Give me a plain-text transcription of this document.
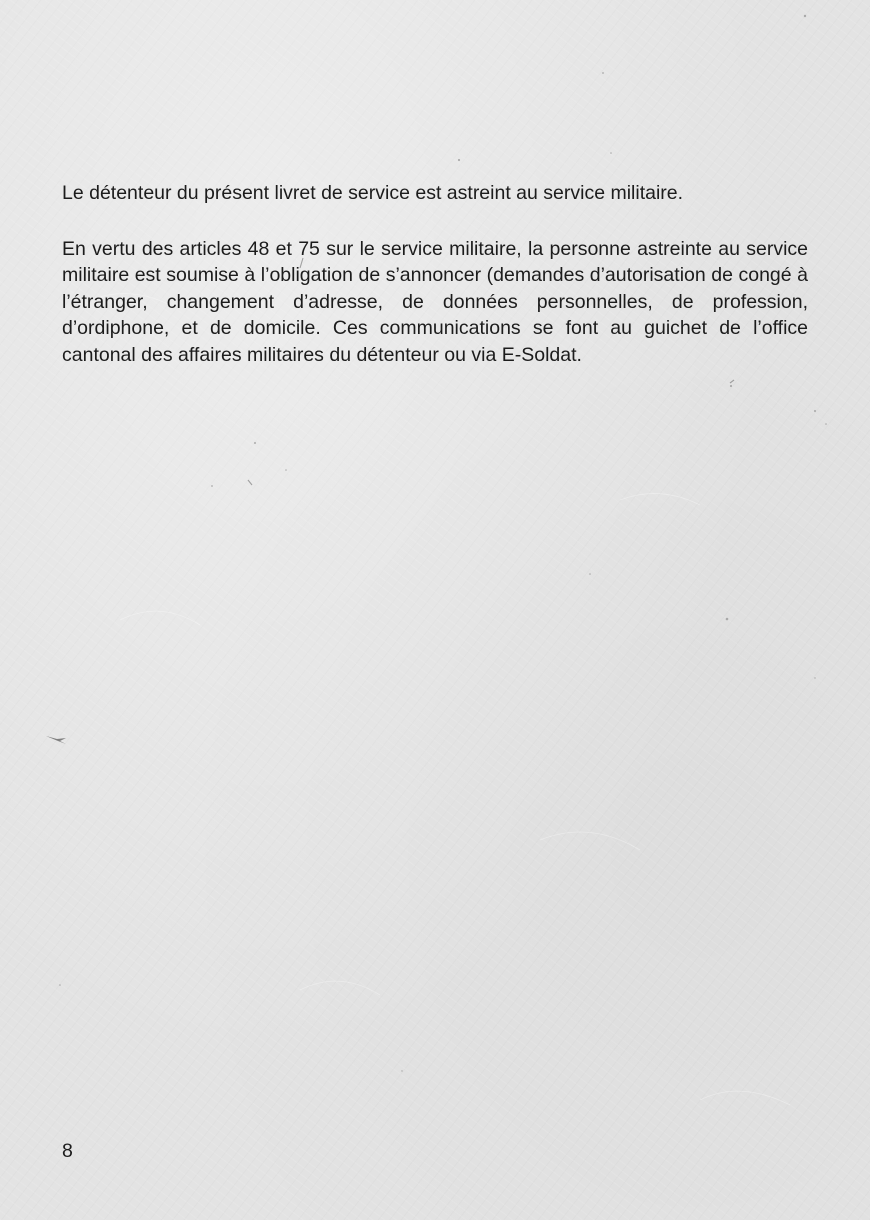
Le détenteur du présent livret de service est astreint au service militaire.

En vertu des articles 48 et 75 sur le service militaire, la personne astreinte au service militaire est soumise à l’obligation de s’annoncer (demandes d’autorisation de congé à l’étranger, changement d’adresse, de données personnelles, de profession, d’ordiphone, et de domicile. Ces communications se font au guichet de l’office cantonal des affaires militaires du détenteur ou via E-Soldat.

8
